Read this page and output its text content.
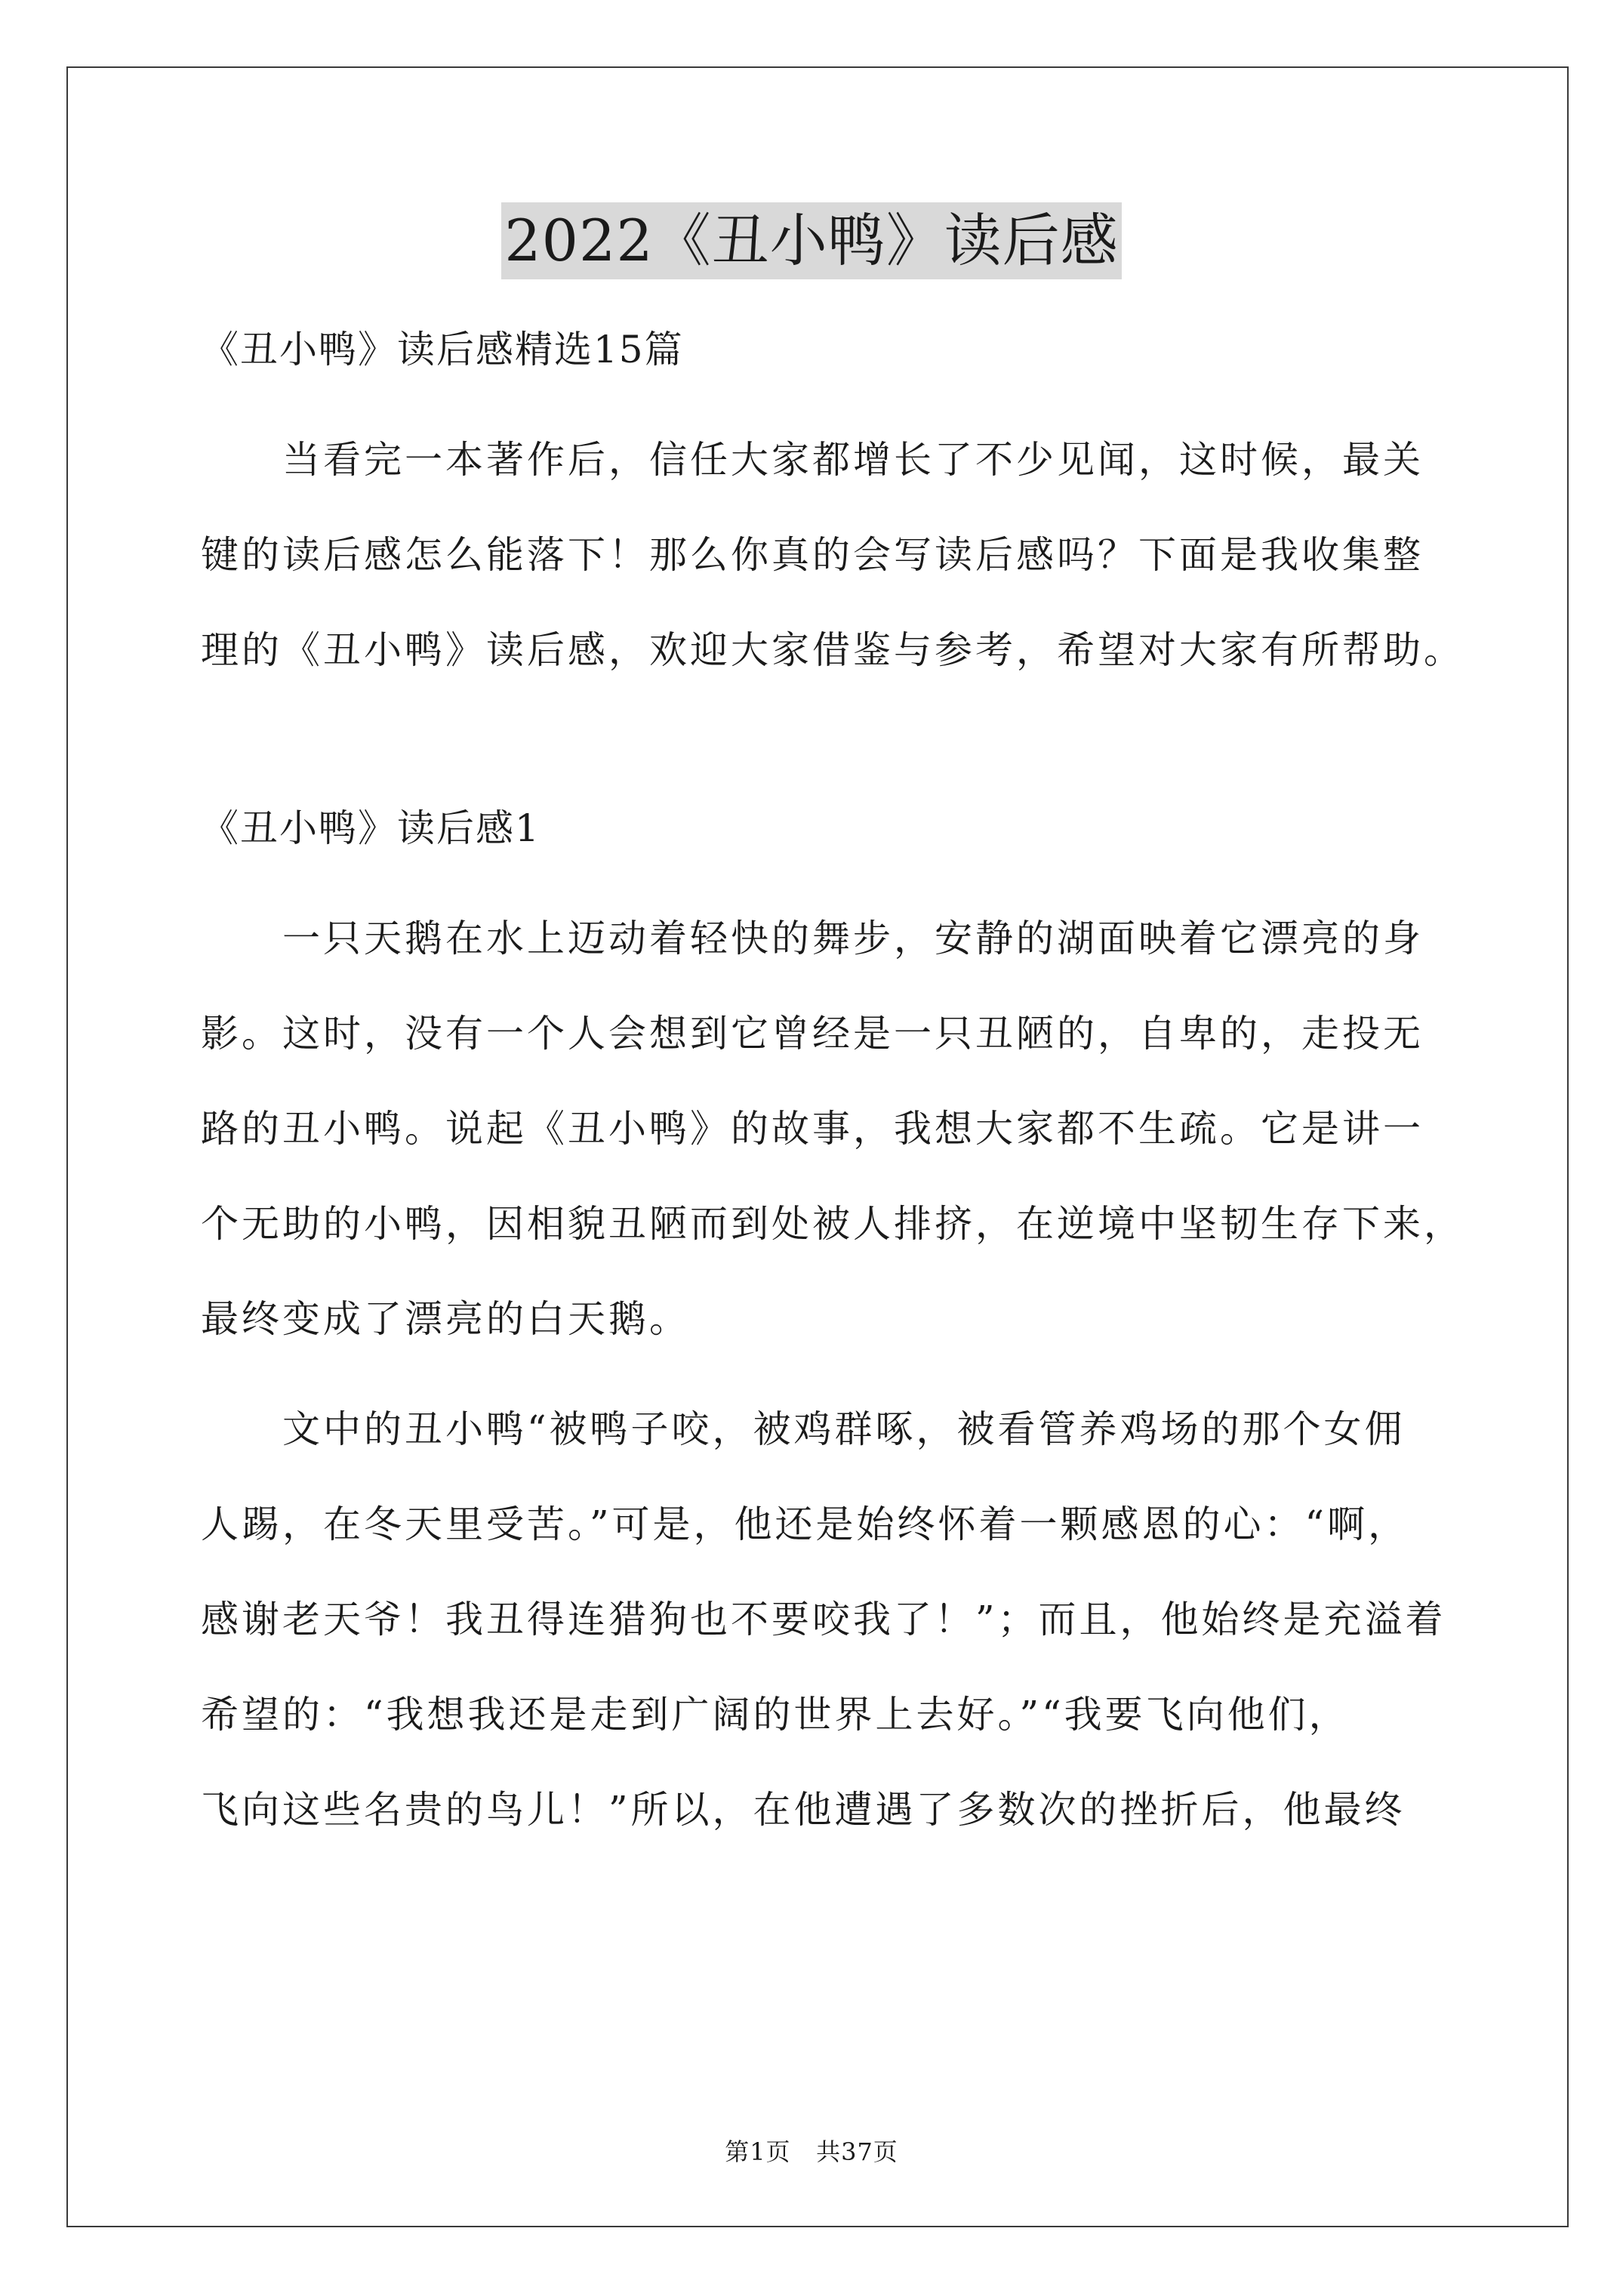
2022《丑小鸭》读后感
《丑小鸭》读后感精选15篇
当看完一本著作后，信任大家都增长了不少见闻，这时候，最关
键的读后感怎么能落下！那么你真的会写读后感吗？下面是我收集整
理的《丑小鸭》读后感，欢迎大家借鉴与参考，希望对大家有所帮助。
《丑小鸭》读后感1
一只天鹅在水上迈动着轻快的舞步，安静的湖面映着它漂亮的身
影。这时，没有一个人会想到它曾经是一只丑陋的，自卑的，走投无
路的丑小鸭。说起《丑小鸭》的故事，我想大家都不生疏。它是讲一
个无助的小鸭，因相貌丑陋而到处被人排挤，在逆境中坚韧生存下来，
最终变成了漂亮的白天鹅。
文中的丑小鸭“被鸭子咬，被鸡群啄，被看管养鸡场的那个女佣
人踢，在冬天里受苦。”可是，他还是始终怀着一颗感恩的心：“啊，
感谢老天爷！我丑得连猎狗也不要咬我了！”；而且，他始终是充溢着
希望的：“我想我还是走到广阔的世界上去好。”“我要飞向他们，
飞向这些名贵的鸟儿！”所以，在他遭遇了多数次的挫折后，他最终
第1页 共37页
